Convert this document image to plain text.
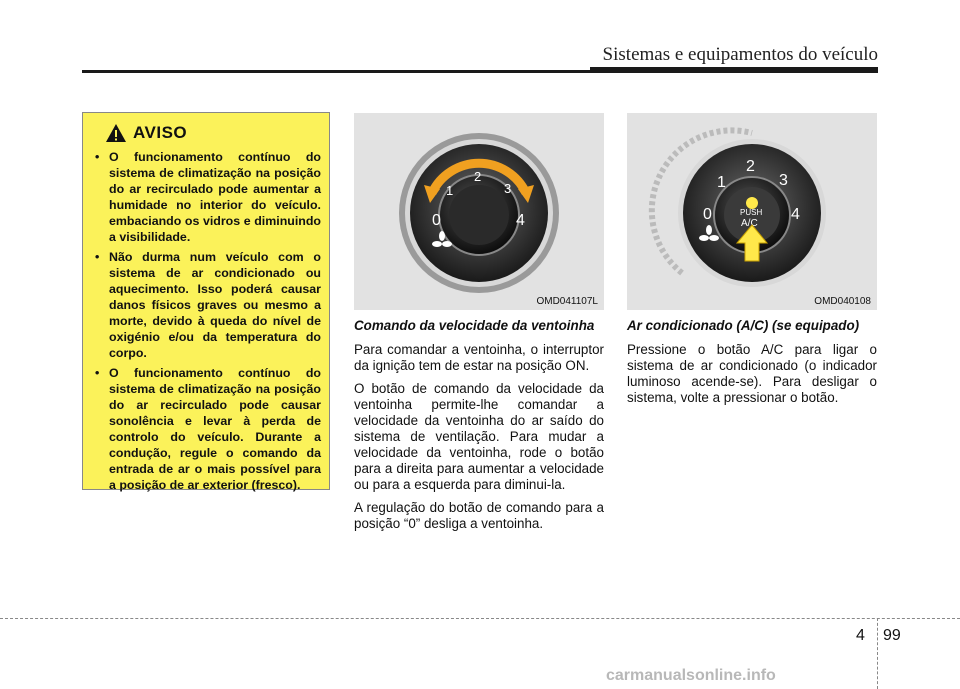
Sistemas e equipamentos do veículo
AVISO
• O funcionamento contínuo do sistema de climatização na posição do ar recirculado pode aumentar a humidade no interior do veículo. embaciando os vidros e diminuindo a visibilidade.
• Não durma num veículo com o sistema de ar condicionado ou aquecimento. Isso poderá causar danos físicos graves ou mesmo a morte, devido à queda do nível de oxigénio e/ou da temperatura do corpo.
• O funcionamento contínuo do sistema de climatização na posição do ar recirculado pode causar sonolência e levar à perda de controlo do veículo. Durante a condução, regule o comando da entrada de ar o mais possível para a posição de ar exterior (fresco).
0
1
2
3
4
OMD041107L
0
1
2
3
4
PUSH
A/C
OMD040108
Comando da velocidade da ventoinha

Para comandar a ventoinha, o interruptor da ignição tem de estar na posição ON.

O botão de comando da velocidade da ventoinha permite-lhe comandar a velocidade da ventoinha do ar saído do sistema de ventilação. Para mudar a velocidade da ventoinha, rode o botão para a direita para aumentar a velocidade ou para a esquerda para diminui-la.

A regulação do botão de comando para a posição “0” desliga a ventoinha.

Ar condicionado (A/C) (se equipado)

Pressione o botão A/C para ligar o sistema de ar condicionado (o indicador luminoso acende-se). Para desligar o sistema, volte a pressionar o botão.

4 99
carmanualsonline.info
